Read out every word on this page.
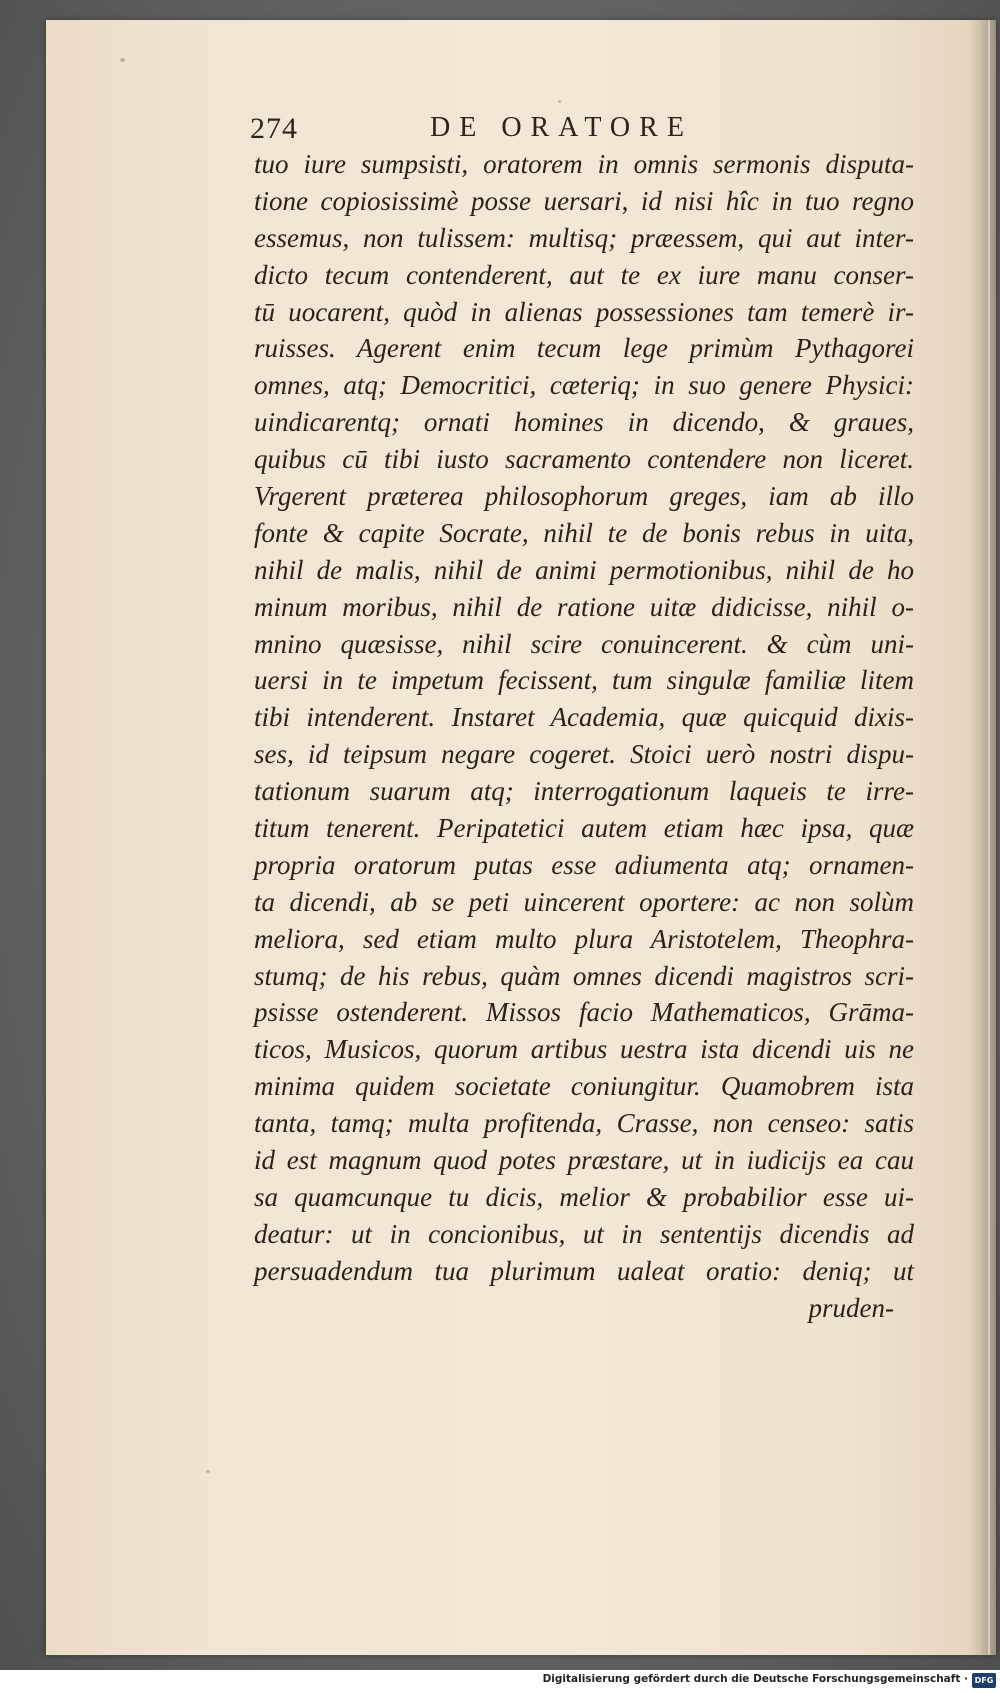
274	DE ORATORE
tuo iure sumpsisti, oratorem in omnis sermonis disputa-
tione copiosissimè posse uersari, id nisi hîc in tuo regno
essemus, non tulissem: multisq; præessem, qui aut inter-
dicto tecum contenderent, aut te ex iure manu conser-
tū uocarent, quòd in alienas possessiones tam temerè ir-
ruisses. Agerent enim tecum lege primùm Pythagorei
omnes, atq; Democritici, cæteriq; in suo genere Physici:
uindicarentq; ornati homines in dicendo, & graues,
quibus cū tibi iusto sacramento contendere non liceret.
Vrgerent præterea philosophorum greges, iam ab illo
fonte & capite Socrate, nihil te de bonis rebus in uita,
nihil de malis, nihil de animi permotionibus, nihil de ho
minum moribus, nihil de ratione uitæ didicisse, nihil o-
mnino quæsisse, nihil scire conuincerent. & cùm uni-
uersi in te impetum fecissent, tum singulæ familiæ litem
tibi intenderent. Instaret Academia, quæ quicquid dixis-
ses, id teipsum negare cogeret. Stoici uerò nostri dispu-
tationum suarum atq; interrogationum laqueis te irre-
titum tenerent. Peripatetici autem etiam hæc ipsa, quæ
propria oratorum putas esse adiumenta atq; ornamen-
ta dicendi, ab se peti uincerent oportere: ac non solùm
meliora, sed etiam multo plura Aristotelem, Theophra-
stumq; de his rebus, quàm omnes dicendi magistros scri-
psisse ostenderent. Missos facio Mathematicos, Grāma-
ticos, Musicos, quorum artibus uestra ista dicendi uis ne
minima quidem societate coniungitur. Quamobrem ista
tanta, tamq; multa profitenda, Crasse, non censeo: satis
id est magnum quod potes præstare, ut in iudicijs ea cau
sa quamcunque tu dicis, melior & probabilior esse ui-
deatur: ut in concionibus, ut in sententijs dicendis ad
persuadendum tua plurimum ualeat oratio: deniq; ut
pruden-
Digitalisierung gefördert durch die Deutsche Forschungsgemeinschaft · DFG
